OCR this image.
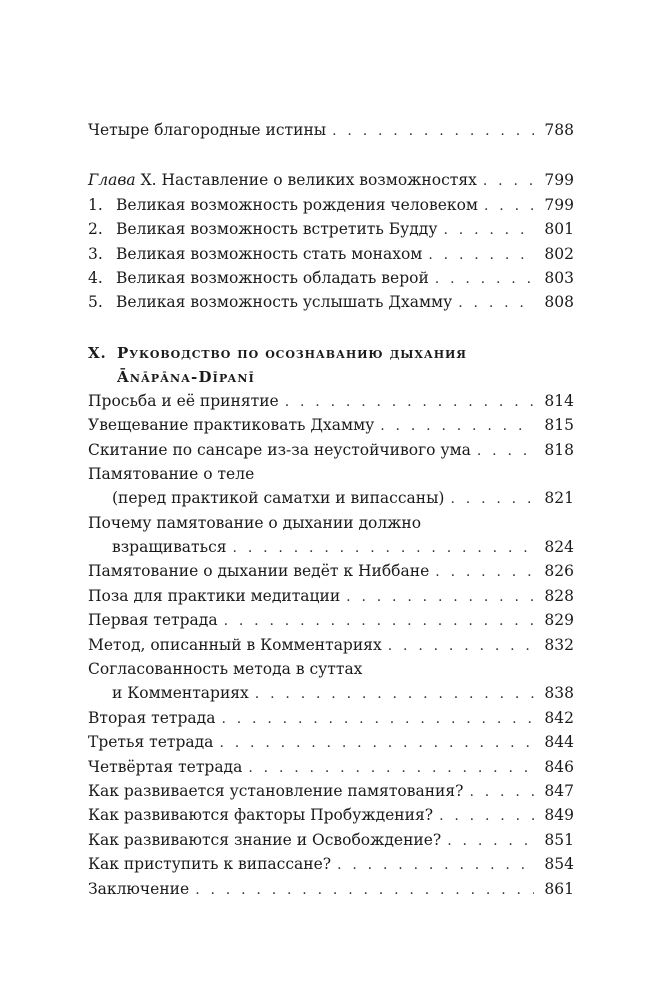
Четыре благородные истины . . .	788
Глава X. Наставление о великих возможностях . . .	799
1. Великая возможность рождения человеком . . .	799
2. Великая возможность встретить Будду . . .	801
3. Великая возможность стать монахом . . .	802
4. Великая возможность обладать верой . . .	803
5. Великая возможность услышать Дхамму . . .	808
X. Руководство по осознаванию дыхания
Ānāpāna-Dīpanī
Просьба и её принятие . . .	814
Увещевание практиковать Дхамму . . .	815
Скитание по сансаре из-за неустойчивого ума . . .	818
Памятование о теле
(перед практикой саматхи и випассаны) . . .	821
Почему памятование о дыхании должно
взращиваться . . .	824
Памятование о дыхании ведёт к Ниббане . . .	826
Поза для практики медитации . . .	828
Первая тетрада . . .	829
Метод, описанный в Комментариях . . .	832
Согласованность метода в суттах
и Комментариях . . .	838
Вторая тетрада . . .	842
Третья тетрада . . .	844
Четвёртая тетрада . . .	846
Как развивается установление памятования? . . .	847
Как развиваются факторы Пробуждения? . . .	849
Как развиваются знание и Освобождение? . . .	851
Как приступить к випассане? . . .	854
Заключение . . .	861
